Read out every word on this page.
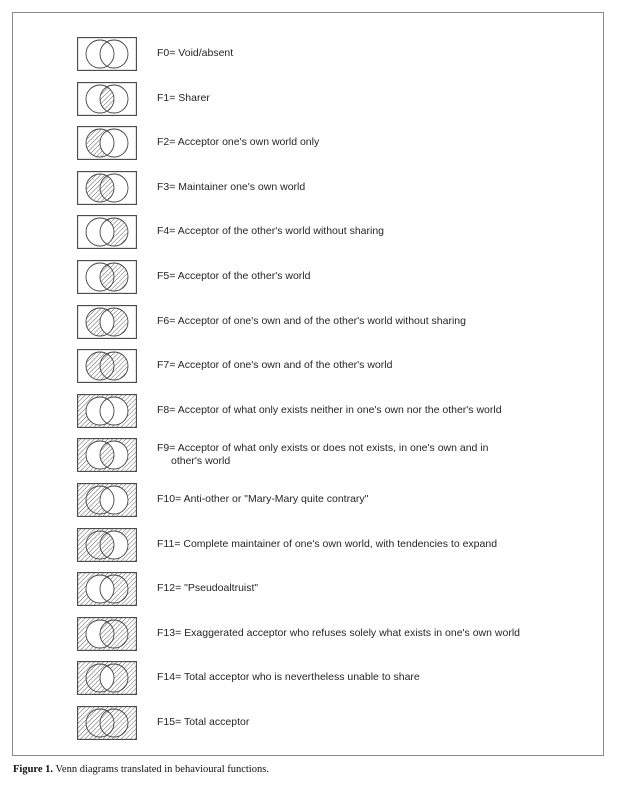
F0= Void/absent
F1= Sharer
F2= Acceptor one's own world only
F3= Maintainer one's own world
F4= Acceptor of the other's world without sharing
F5= Acceptor of the other's world
F6= Acceptor of one's own and of the other's world without sharing
F7= Acceptor of one's own and of the other's world
F8= Acceptor of what only exists neither in one's own nor the other's world
F9= Acceptor of what only exists or does not exists, in one's own and in
other's world
F10= Anti-other or "Mary-Mary quite contrary"
F11= Complete maintainer of one's own world, with tendencies to expand
F12= "Pseudoaltruist"
F13= Exaggerated acceptor who refuses solely what exists in one's own world
F14= Total acceptor who is nevertheless unable to share
F15= Total acceptor
Figure 1. Venn diagrams translated in behavioural functions.
